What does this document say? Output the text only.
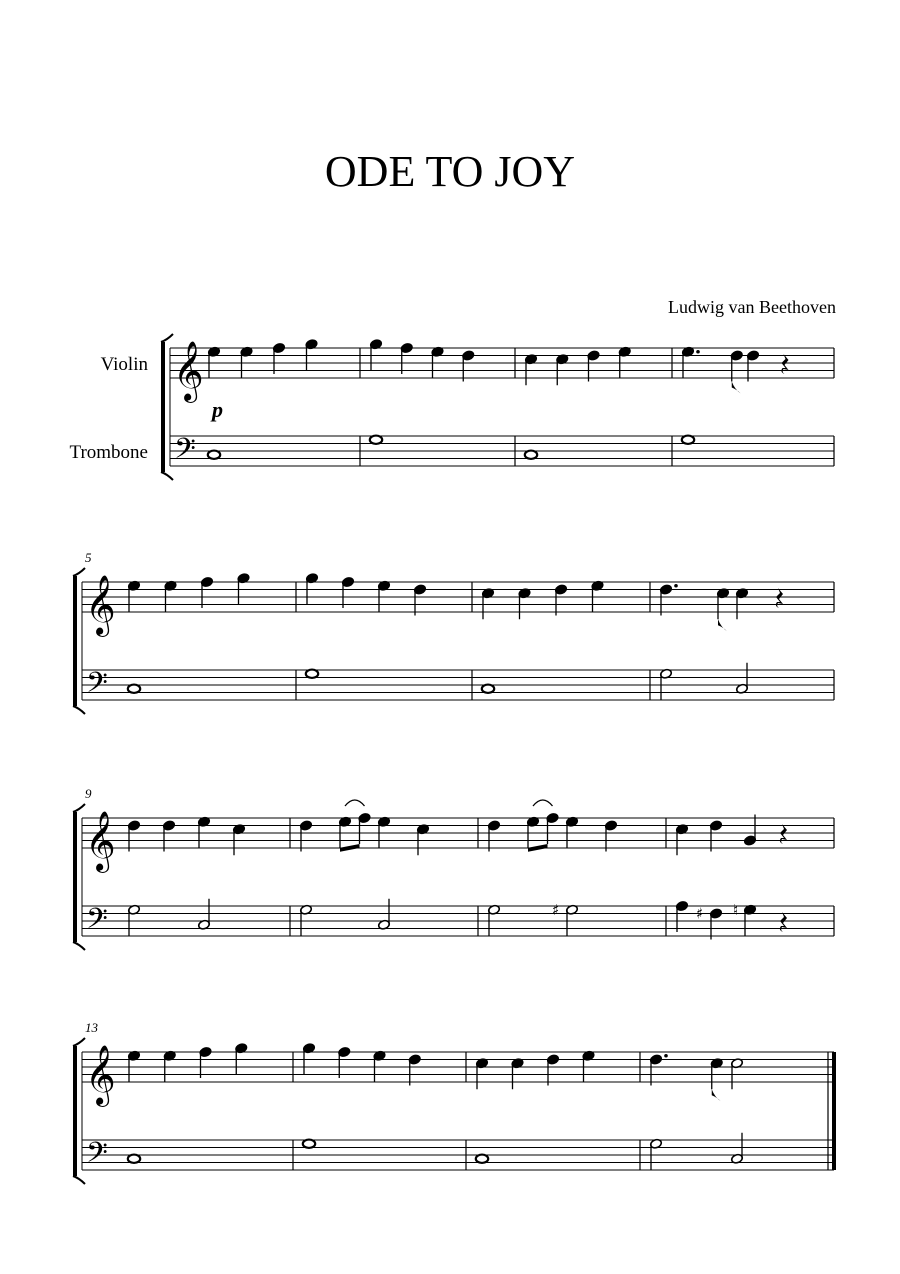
ODE TO JOY
Ludwig van Beethoven
Violin
Trombone
𝄞
𝄢
p
𝄞
𝄢
5
𝄞
𝄢
9
♯	♯ ♮
𝄞
𝄢
13
